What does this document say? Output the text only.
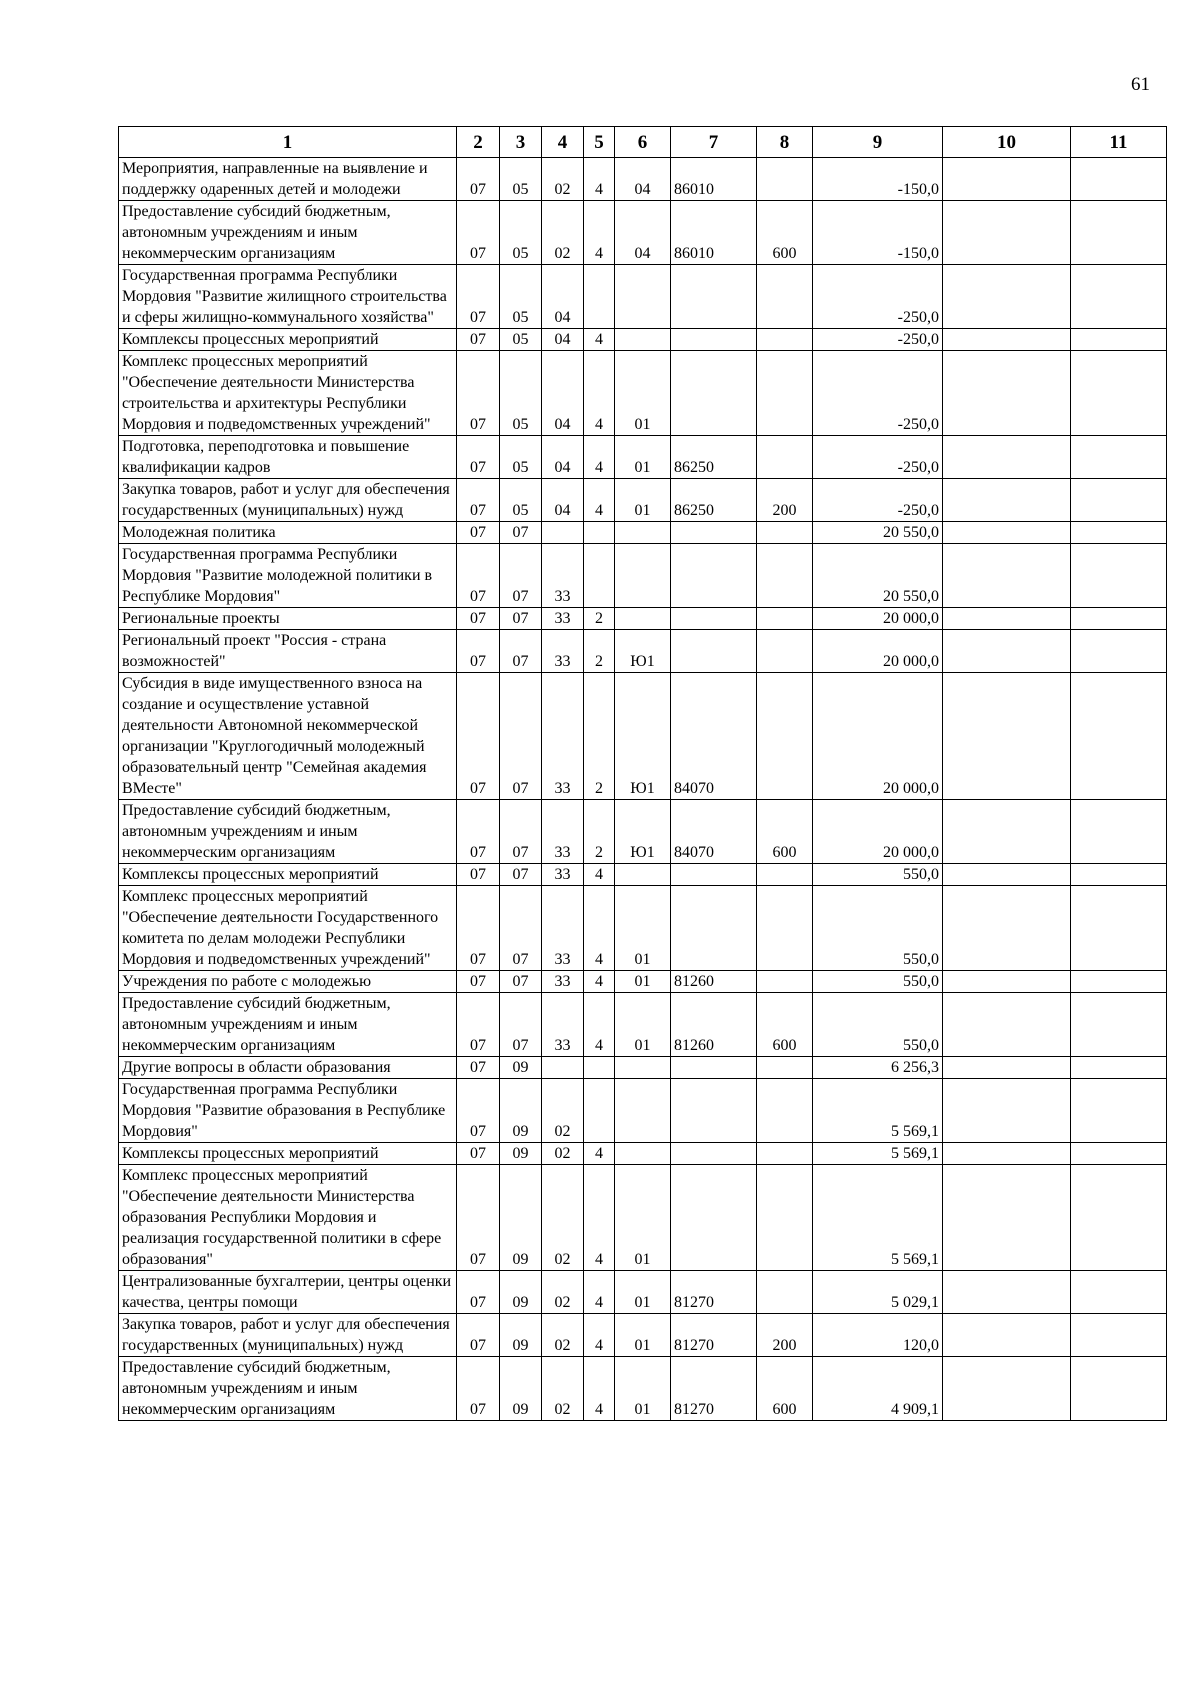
61
1	2	3	4	5	6	7	8	9	10	11
Мероприятия, направленные на выявление и поддержку одаренных детей и молодежи	07	05	02	4	04	86010		-150,0		
Предоставление субсидий бюджетным, автономным учреждениям и иным некоммерческим организациям	07	05	02	4	04	86010	600	-150,0		
Государственная программа Республики Мордовия "Развитие жилищного строительства и сферы жилищно-коммунального хозяйства"	07	05	04					-250,0		
Комплексы процессных мероприятий	07	05	04	4				-250,0		
Комплекс процессных мероприятий "Обеспечение деятельности Министерства строительства и архитектуры Республики Мордовия и подведомственных учреждений"	07	05	04	4	01			-250,0		
Подготовка, переподготовка и повышение квалификации кадров	07	05	04	4	01	86250		-250,0		
Закупка товаров, работ и услуг для обеспечения государственных (муниципальных) нужд	07	05	04	4	01	86250	200	-250,0		
Молодежная политика	07	07						20 550,0		
Государственная программа Республики Мордовия "Развитие молодежной политики в Республике Мордовия"	07	07	33					20 550,0		
Региональные проекты	07	07	33	2				20 000,0		
Региональный проект "Россия - страна возможностей"	07	07	33	2	Ю1			20 000,0		
Субсидия в виде имущественного взноса на создание и осуществление уставной деятельности Автономной некоммерческой организации "Круглогодичный молодежный образовательный центр "Семейная академия ВМесте"	07	07	33	2	Ю1	84070		20 000,0		
Предоставление субсидий бюджетным, автономным учреждениям и иным некоммерческим организациям	07	07	33	2	Ю1	84070	600	20 000,0		
Комплексы процессных мероприятий	07	07	33	4				550,0		
Комплекс процессных мероприятий "Обеспечение деятельности Государственного комитета по делам молодежи Республики Мордовия и подведомственных учреждений"	07	07	33	4	01			550,0		
Учреждения по работе с молодежью	07	07	33	4	01	81260		550,0		
Предоставление субсидий бюджетным, автономным учреждениям и иным некоммерческим организациям	07	07	33	4	01	81260	600	550,0		
Другие вопросы в области образования	07	09						6 256,3		
Государственная программа Республики Мордовия "Развитие образования в Республике Мордовия"	07	09	02					5 569,1		
Комплексы процессных мероприятий	07	09	02	4				5 569,1		
Комплекс процессных мероприятий "Обеспечение деятельности Министерства образования Республики Мордовия и реализация государственной политики в сфере образования"	07	09	02	4	01			5 569,1		
Централизованные бухгалтерии, центры оценки качества, центры помощи	07	09	02	4	01	81270		5 029,1		
Закупка товаров, работ и услуг для обеспечения государственных (муниципальных) нужд	07	09	02	4	01	81270	200	120,0		
Предоставление субсидий бюджетным, автономным учреждениям и иным некоммерческим организациям	07	09	02	4	01	81270	600	4 909,1		
